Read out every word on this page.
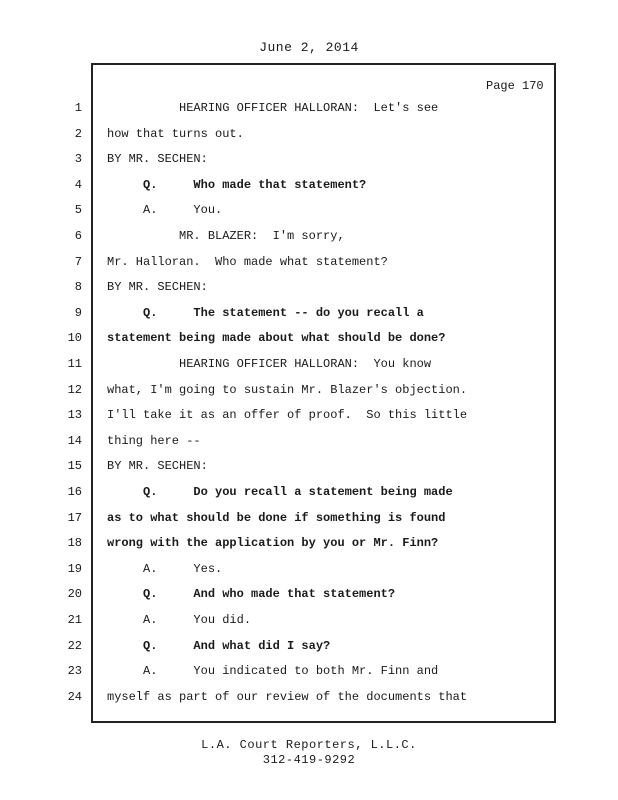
June 2, 2014
Page 170
1 HEARING OFFICER HALLORAN:  Let's see
2 how that turns out.
3 BY MR. SECHEN:
4 Q.     Who made that statement?
5 A.     You.
6 MR. BLAZER:  I'm sorry,
7 Mr. Halloran.  Who made what statement?
8 BY MR. SECHEN:
9 Q.     The statement -- do you recall a
10 statement being made about what should be done?
11 HEARING OFFICER HALLORAN:  You know
12 what, I'm going to sustain Mr. Blazer's objection.
13 I'll take it as an offer of proof.  So this little
14 thing here --
15 BY MR. SECHEN:
16 Q.     Do you recall a statement being made
17 as to what should be done if something is found
18 wrong with the application by you or Mr. Finn?
19 A.     Yes.
20 Q.     And who made that statement?
21 A.     You did.
22 Q.     And what did I say?
23 A.     You indicated to both Mr. Finn and
24 myself as part of our review of the documents that
L.A. Court Reporters, L.L.C.
312-419-9292
